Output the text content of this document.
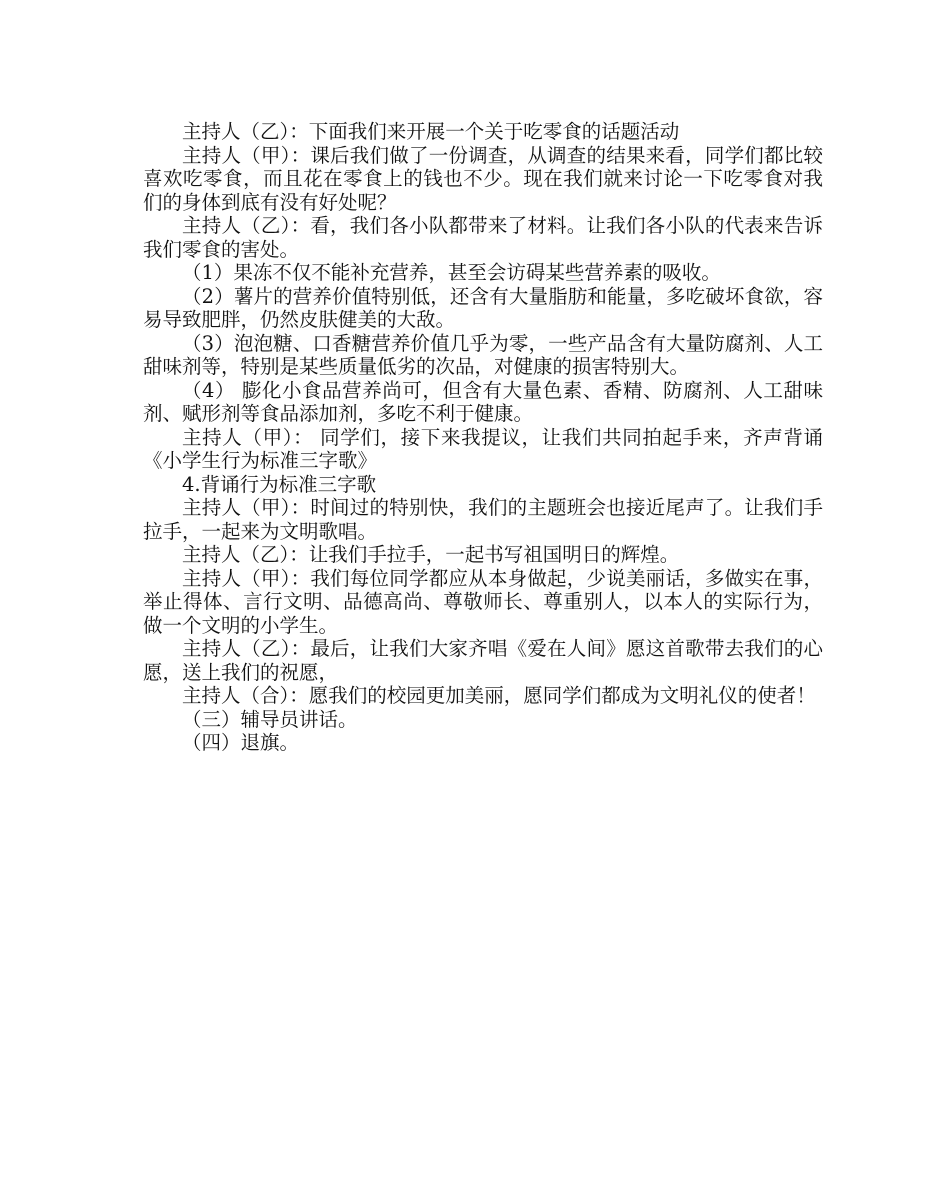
主持人（乙）：下面我们来开展一个关于吃零食的话题活动

主持人（甲）：课后我们做了一份调查，从调查的结果来看，同学们都比较喜欢吃零食，而且花在零食上的钱也不少。现在我们就来讨论一下吃零食对我们的身体到底有没有好处呢？

主持人（乙）：看，我们各小队都带来了材料。让我们各小队的代表来告诉我们零食的害处。

（1）果冻不仅不能补充营养，甚至会访碍某些营养素的吸收。

（2）薯片的营养价值特别低，还含有大量脂肪和能量，多吃破坏食欲，容易导致肥胖，仍然皮肤健美的大敌。

（3）泡泡糖、口香糖营养价值几乎为零，一些产品含有大量防腐剂、人工甜味剂等，特别是某些质量低劣的次品，对健康的损害特别大。

（4） 膨化小食品营养尚可，但含有大量色素、香精、防腐剂、人工甜味剂、赋形剂等食品添加剂，多吃不利于健康。

主持人（甲）： 同学们，接下来我提议，让我们共同拍起手来，齐声背诵《小学生行为标准三字歌》

4.背诵行为标准三字歌

主持人（甲）：时间过的特别快，我们的主题班会也接近尾声了。让我们手拉手，一起来为文明歌唱。

主持人（乙）：让我们手拉手，一起书写祖国明日的辉煌。

主持人（甲）：我们每位同学都应从本身做起，少说美丽话，多做实在事，举止得体、言行文明、品德高尚、尊敬师长、尊重别人，以本人的实际行为，做一个文明的小学生。

主持人（乙）：最后，让我们大家齐唱《爱在人间》愿这首歌带去我们的心愿，送上我们的祝愿，

主持人（合）：愿我们的校园更加美丽，愿同学们都成为文明礼仪的使者！

（三）辅导员讲话。

（四）退旗。
